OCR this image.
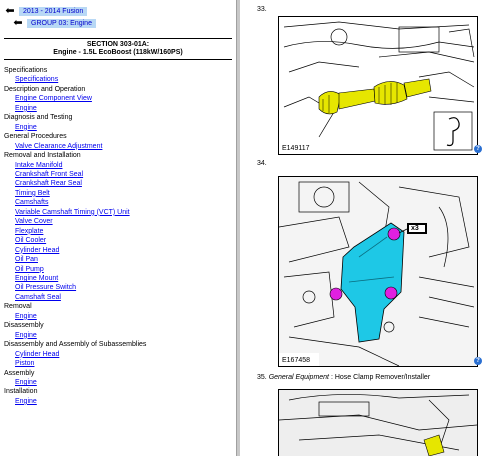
⬅	2013 - 2014 Fusion
⬅	GROUP 03: Engine
SECTION 303-01A:
Engine - 1.5L EcoBoost (118kW/160PS)
Specifications
Specifications
Description and Operation
Engine Component View
Engine
Diagnosis and Testing
Engine
General Procedures
Valve Clearance Adjustment
Removal and Installation
Intake Manifold
Crankshaft Front Seal
Crankshaft Rear Seal
Timing Belt
Camshafts
Variable Camshaft Timing (VCT) Unit
Valve Cover
Flexplate
Oil Cooler
Cylinder Head
Oil Pan
Oil Pump
Engine Mount
Oil Pressure Switch
Camshaft Seal
Removal
Engine
Disassembly
Engine
Disassembly and Assembly of Subassemblies
Cylinder Head
Piston
Assembly
Engine
Installation
Engine
33.
E149117	?
34.
x3
E167458	?
35. General Equipment : Hose Clamp Remover/Installer
